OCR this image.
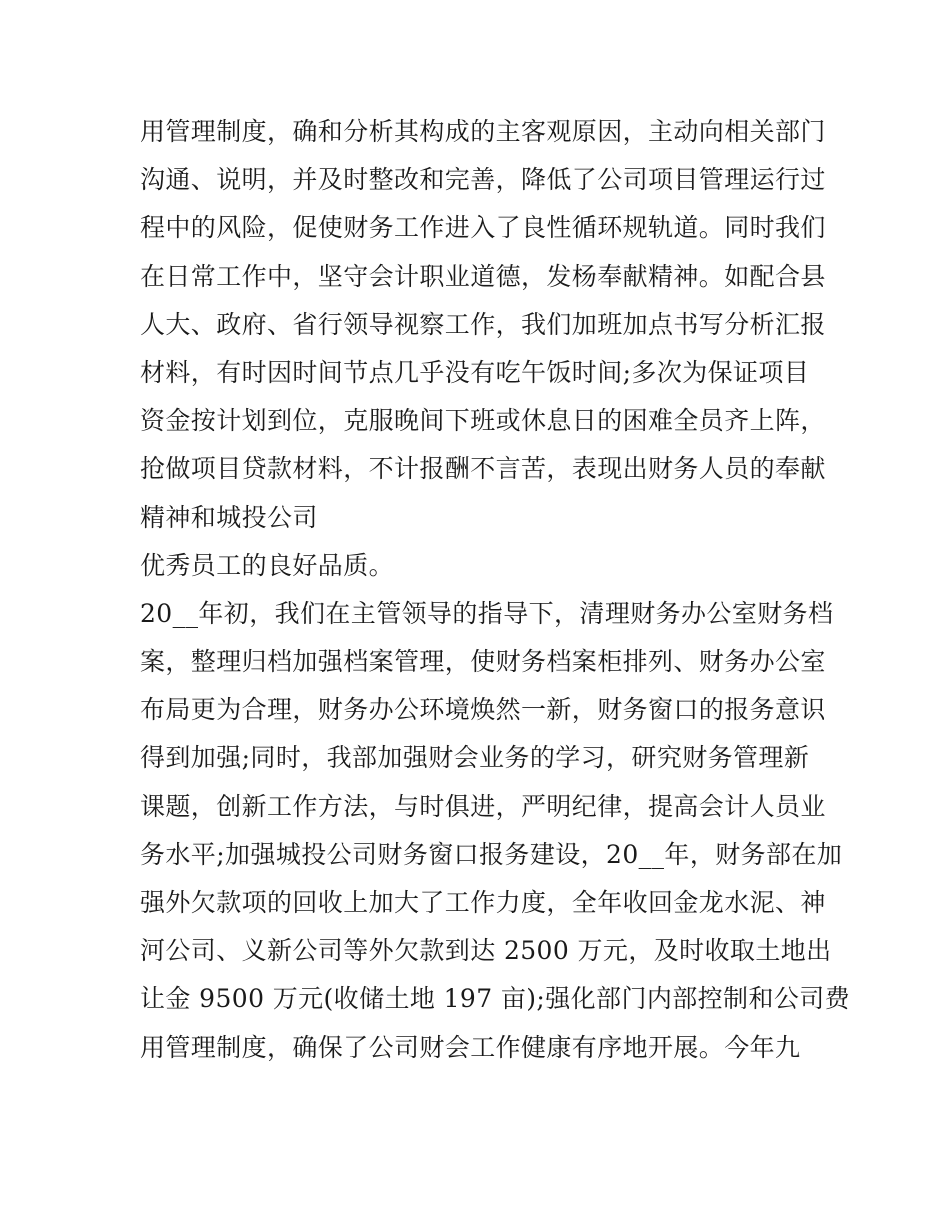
用管理制度，确和分析其构成的主客观原因，主动向相关部门
沟通、说明，并及时整改和完善，降低了公司项目管理运行过
程中的风险，促使财务工作进入了良性循环规轨道。同时我们
在日常工作中，坚守会计职业道德，发杨奉献精神。如配合县
人大、政府、省行领导视察工作，我们加班加点书写分析汇报
材料，有时因时间节点几乎没有吃午饭时间;多次为保证项目
资金按计划到位，克服晚间下班或休息日的困难全员齐上阵，
抢做项目贷款材料，不计报酬不言苦，表现出财务人员的奉献
精神和城投公司
优秀员工的良好品质。
20__年初，我们在主管领导的指导下，清理财务办公室财务档
案，整理归档加强档案管理，使财务档案柜排列、财务办公室
布局更为合理，财务办公环境焕然一新，财务窗口的报务意识
得到加强;同时，我部加强财会业务的学习，研究财务管理新
课题，创新工作方法，与时俱进，严明纪律，提高会计人员业
务水平;加强城投公司财务窗口报务建设，20__年，财务部在加
强外欠款项的回收上加大了工作力度，全年收回金龙水泥、神
河公司、义新公司等外欠款到达 2500 万元，及时收取土地出
让金 9500 万元(收储土地 197 亩);强化部门内部控制和公司费
用管理制度，确保了公司财会工作健康有序地开展。今年九
